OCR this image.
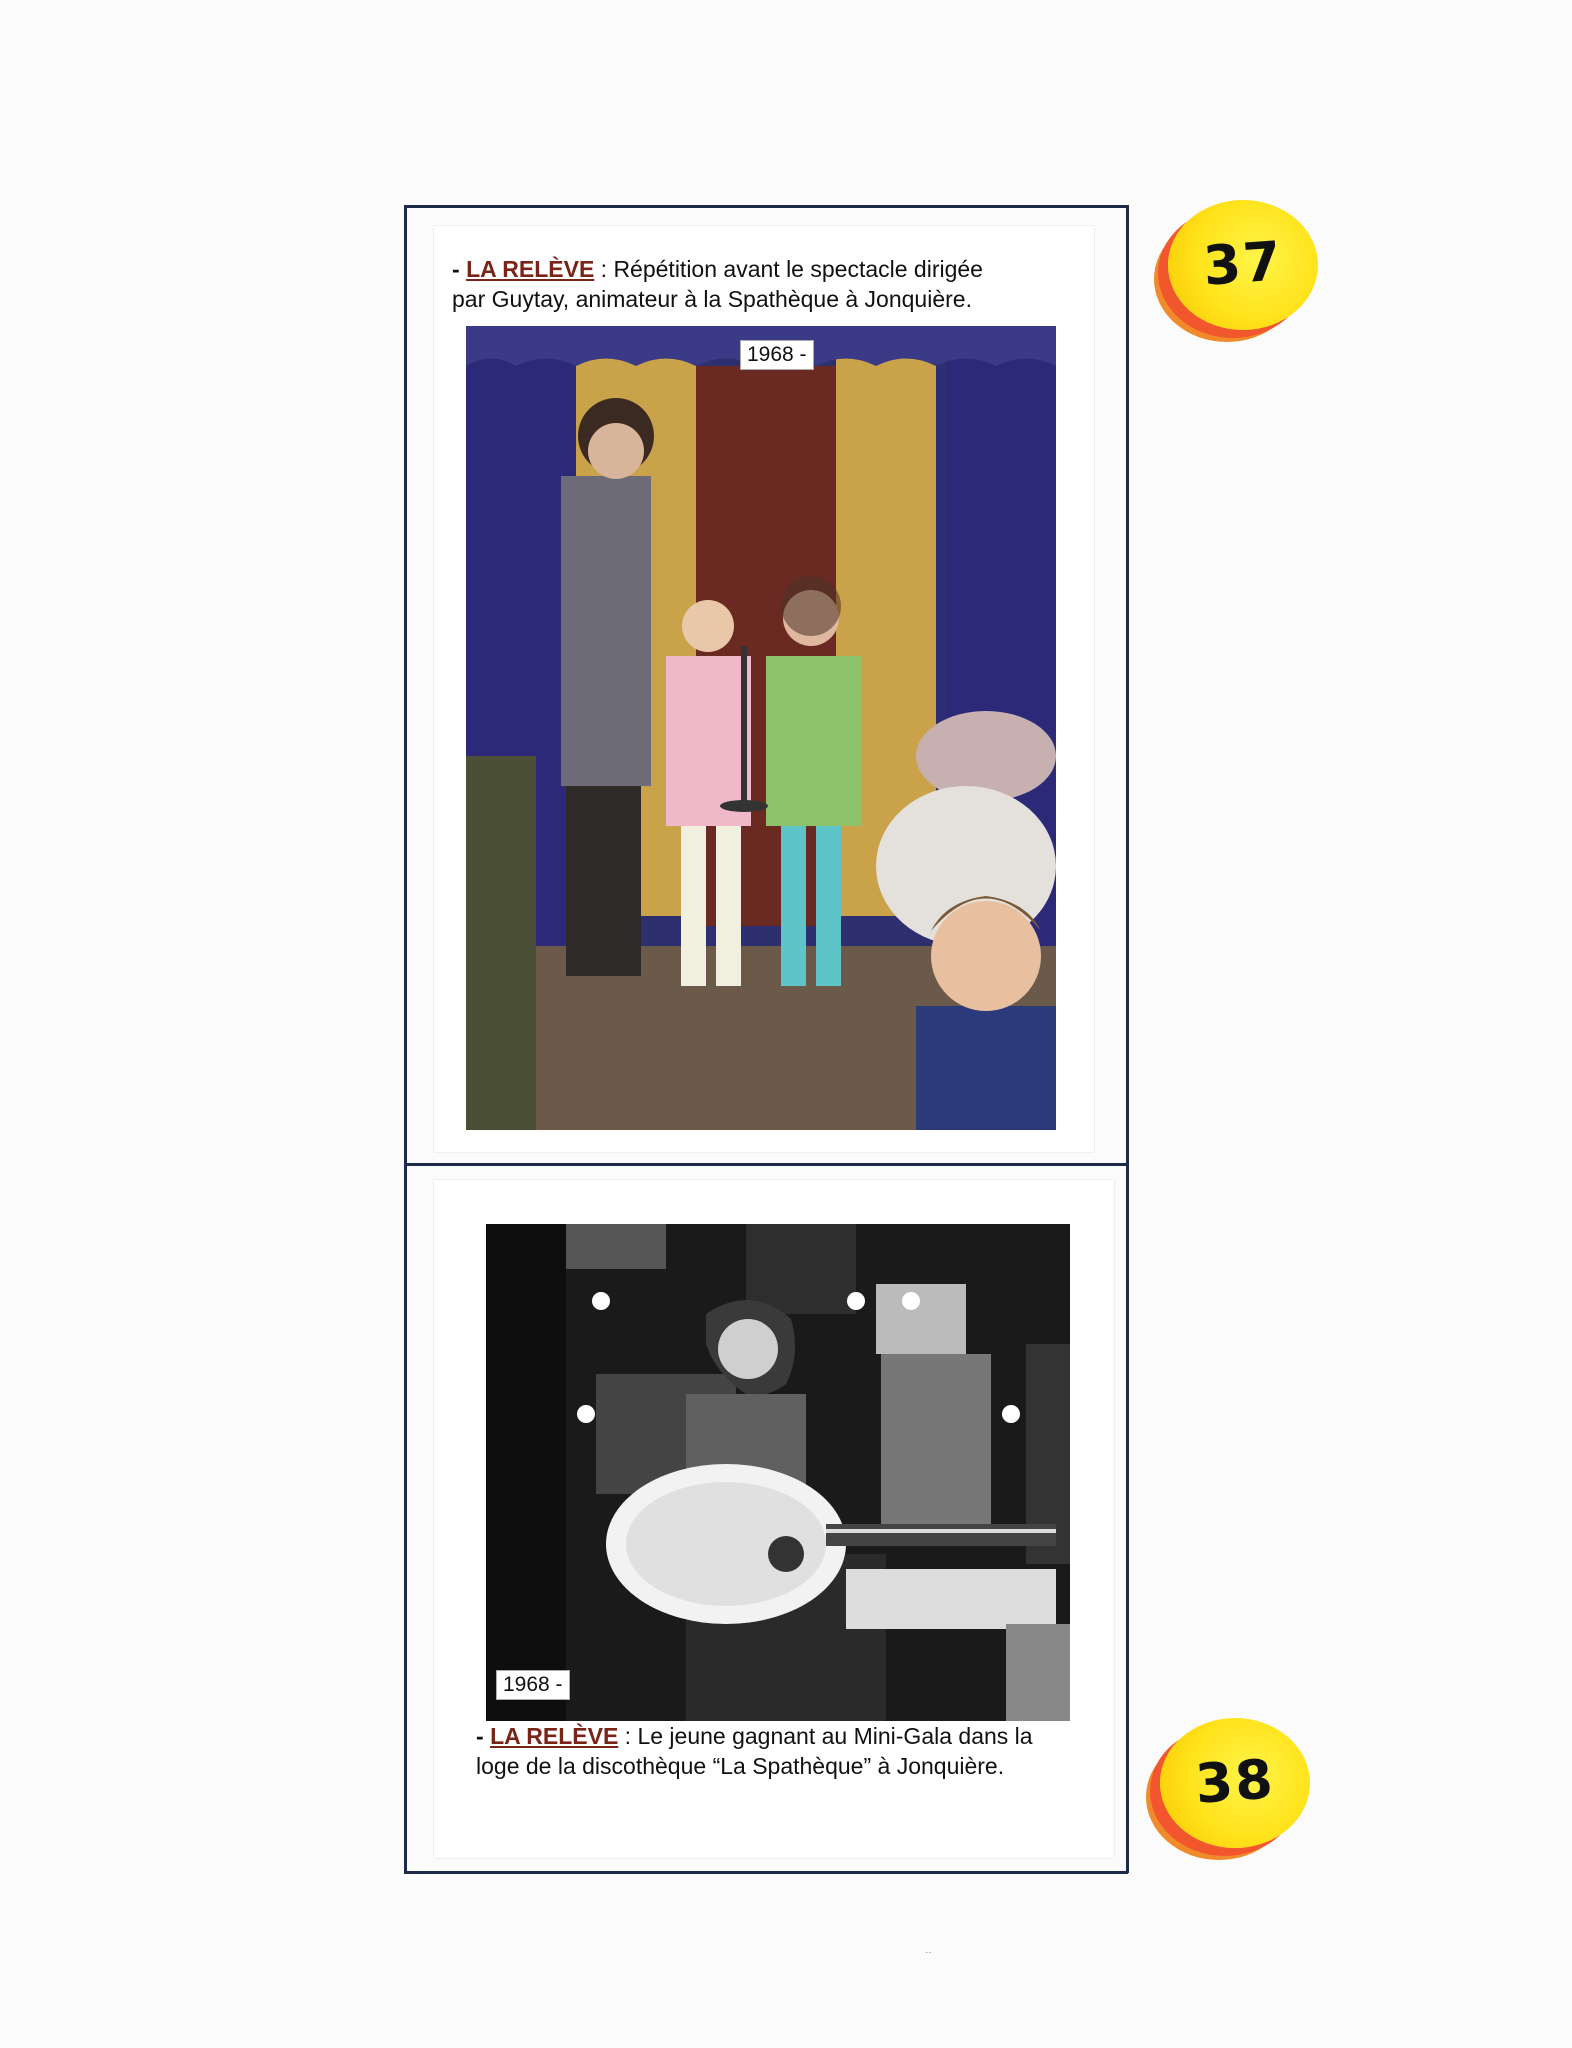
- LA RELÈVE : Répétition avant le spectacle dirigée
par Guytay, animateur à la Spathèque à Jonquière.
1968 -
1968 -
- LA RELÈVE : Le jeune gagnant au Mini-Gala dans la
loge de la discothèque “La Spathèque” à Jonquière.
37
38
‥
